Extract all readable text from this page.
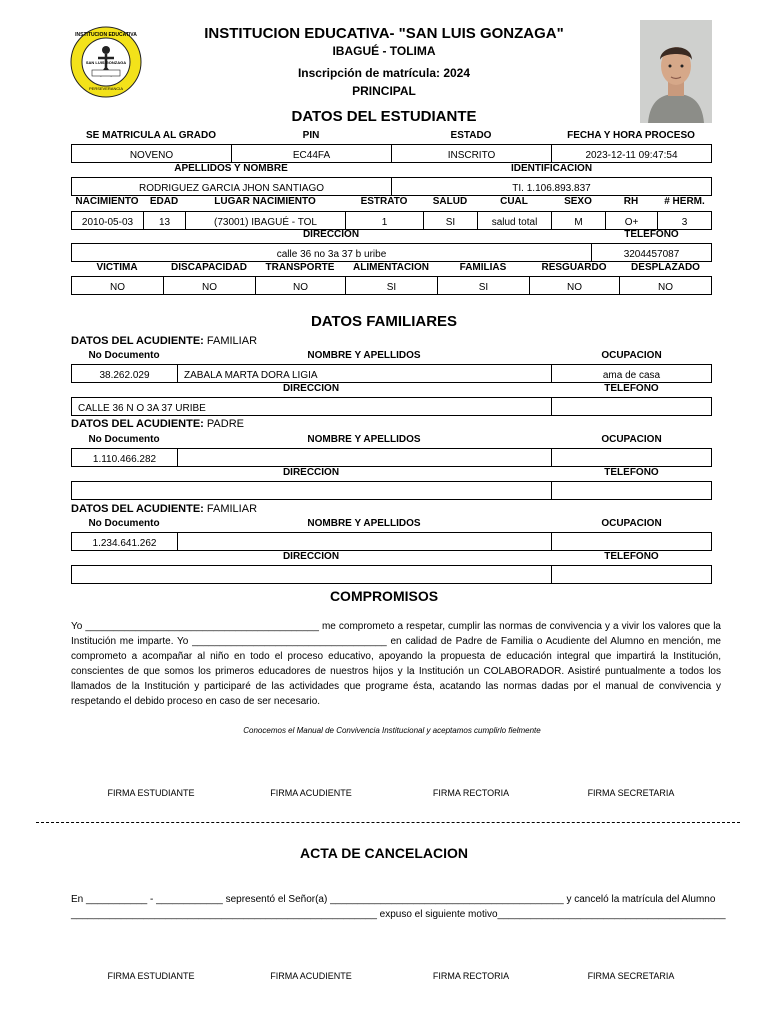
INSTITUCION EDUCATIVA
SAN LUIS GONZAGA
PERSEVERANCIA
INSTITUCION EDUCATIVA- "SAN LUIS GONZAGA"
IBAGUÉ - TOLIMA
Inscripción de matrícula: 2024
PRINCIPAL
DATOS DEL ESTUDIANTE
SE MATRICULA AL GRADO	PIN	ESTADO	FECHA Y HORA PROCESO
NOVENO	EC44FA	INSCRITO	2023-12-11 09:47:54
APELLIDOS Y NOMBRE	IDENTIFICACION
RODRIGUEZ GARCIA JHON SANTIAGO	TI. 1.106.893.837
NACIMIENTO	EDAD	LUGAR NACIMIENTO	ESTRATO	SALUD	CUAL	SEXO	RH	# HERM.
2010-05-03	13	(73001) IBAGUÉ - TOL	1	SI	salud total	M	O+	3
DIRECCION	TELEFONO
calle 36 no 3a 37 b uribe	3204457087
VICTIMA	DISCAPACIDAD	TRANSPORTE	ALIMENTACION	FAMILIAS	RESGUARDO	DESPLAZADO
NO	NO	NO	SI	SI	NO	NO
DATOS FAMILIARES
DATOS DEL ACUDIENTE: FAMILIAR
No Documento	NOMBRE Y APELLIDOS	OCUPACION
38.262.029	ZABALA MARTA DORA LIGIA	ama de casa
DIRECCION	TELEFONO
CALLE 36 N O 3A 37 URIBE
DATOS DEL ACUDIENTE: PADRE
No Documento	NOMBRE Y APELLIDOS	OCUPACION
1.110.466.282
DIRECCION	TELEFONO
DATOS DEL ACUDIENTE: FAMILIAR
No Documento	NOMBRE Y APELLIDOS	OCUPACION
1.234.641.262
DIRECCION	TELEFONO
COMPROMISOS
Yo __________________________________________ me comprometo a respetar, cumplir las normas de convivencia y a vivir los valores que la Institución me imparte. Yo ___________________________________ en calidad de Padre de Familia o Acudiente del Alumno en mención, me comprometo a acompañar al niño en todo el proceso educativo, apoyando la propuesta de educación integral que impartirá la Institución, conscientes de que somos los primeros educadores de nuestros hijos y la Institución un COLABORADOR. Asistiré puntualmente a todos los llamados de la Institución y participaré de las actividades que programe ésta, acatando las normas dadas por el manual de convivencia y respetando el debido proceso en caso de ser necesario.
Conocemos el Manual de Convivencia Institucional y aceptamos cumplirlo fielmente
FIRMA ESTUDIANTE	FIRMA ACUDIENTE	FIRMA RECTORIA	FIRMA SECRETARIA
ACTA DE CANCELACION
En ___________ - ____________ sepresentó el Señor(a) __________________________________________ y canceló la matrícula del Alumno
_______________________________________________________ expuso el siguiente motivo_________________________________________
FIRMA ESTUDIANTE	FIRMA ACUDIENTE	FIRMA RECTORIA	FIRMA SECRETARIA
